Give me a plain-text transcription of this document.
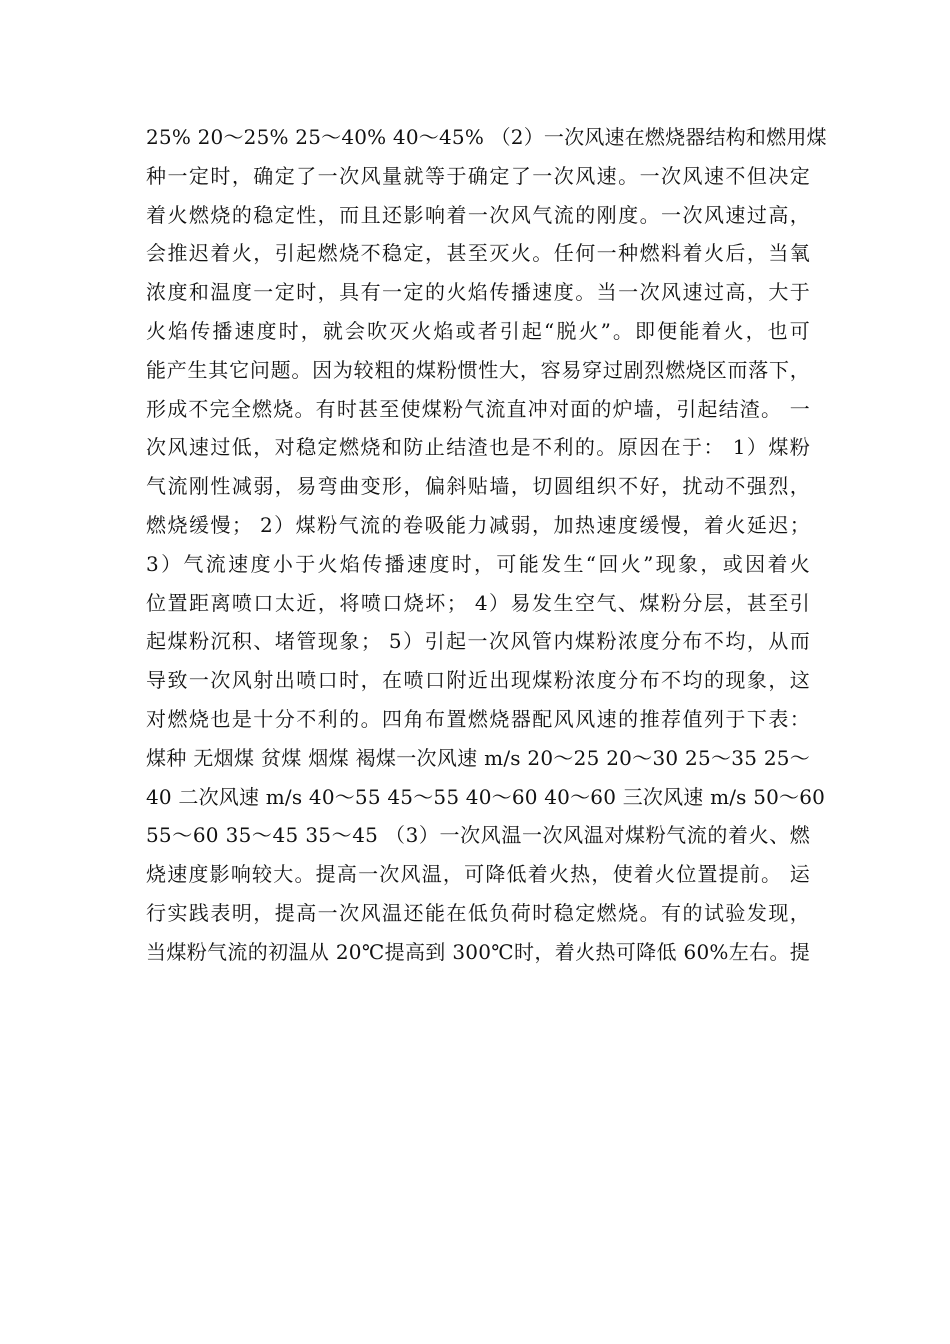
25% 20～25% 25～40% 40～45% （2）一次风速在燃烧器结构和燃用煤
种一定时，确定了一次风量就等于确定了一次风速。一次风速不但决定
着火燃烧的稳定性，而且还影响着一次风气流的刚度。一次风速过高，
会推迟着火，引起燃烧不稳定，甚至灭火。任何一种燃料着火后，当氧
浓度和温度一定时，具有一定的火焰传播速度。当一次风速过高，大于
火焰传播速度时，就会吹灭火焰或者引起“脱火”。即便能着火，也可
能产生其它问题。因为较粗的煤粉惯性大，容易穿过剧烈燃烧区而落下，
形成不完全燃烧。有时甚至使煤粉气流直冲对面的炉墙，引起结渣。 一
次风速过低，对稳定燃烧和防止结渣也是不利的。原因在于： 1）煤粉
气流刚性减弱，易弯曲变形，偏斜贴墙，切圆组织不好，扰动不强烈，
燃烧缓慢； 2）煤粉气流的卷吸能力减弱，加热速度缓慢，着火延迟；
3）气流速度小于火焰传播速度时，可能发生“回火”现象，或因着火
位置距离喷口太近，将喷口烧坏； 4）易发生空气、煤粉分层，甚至引
起煤粉沉积、堵管现象； 5）引起一次风管内煤粉浓度分布不均，从而
导致一次风射出喷口时，在喷口附近出现煤粉浓度分布不均的现象，这
对燃烧也是十分不利的。四角布置燃烧器配风风速的推荐值列于下表：
煤种 无烟煤 贫煤 烟煤 褐煤一次风速 m/s 20～25 20～30 25～35 25～
40 二次风速 m/s 40～55 45～55 40～60 40～60 三次风速 m/s 50～60
55～60 35～45 35～45 （3）一次风温一次风温对煤粉气流的着火、燃
烧速度影响较大。提高一次风温，可降低着火热，使着火位置提前。 运
行实践表明，提高一次风温还能在低负荷时稳定燃烧。有的试验发现，
当煤粉气流的初温从 20℃提高到 300℃时，着火热可降低 60%左右。提
